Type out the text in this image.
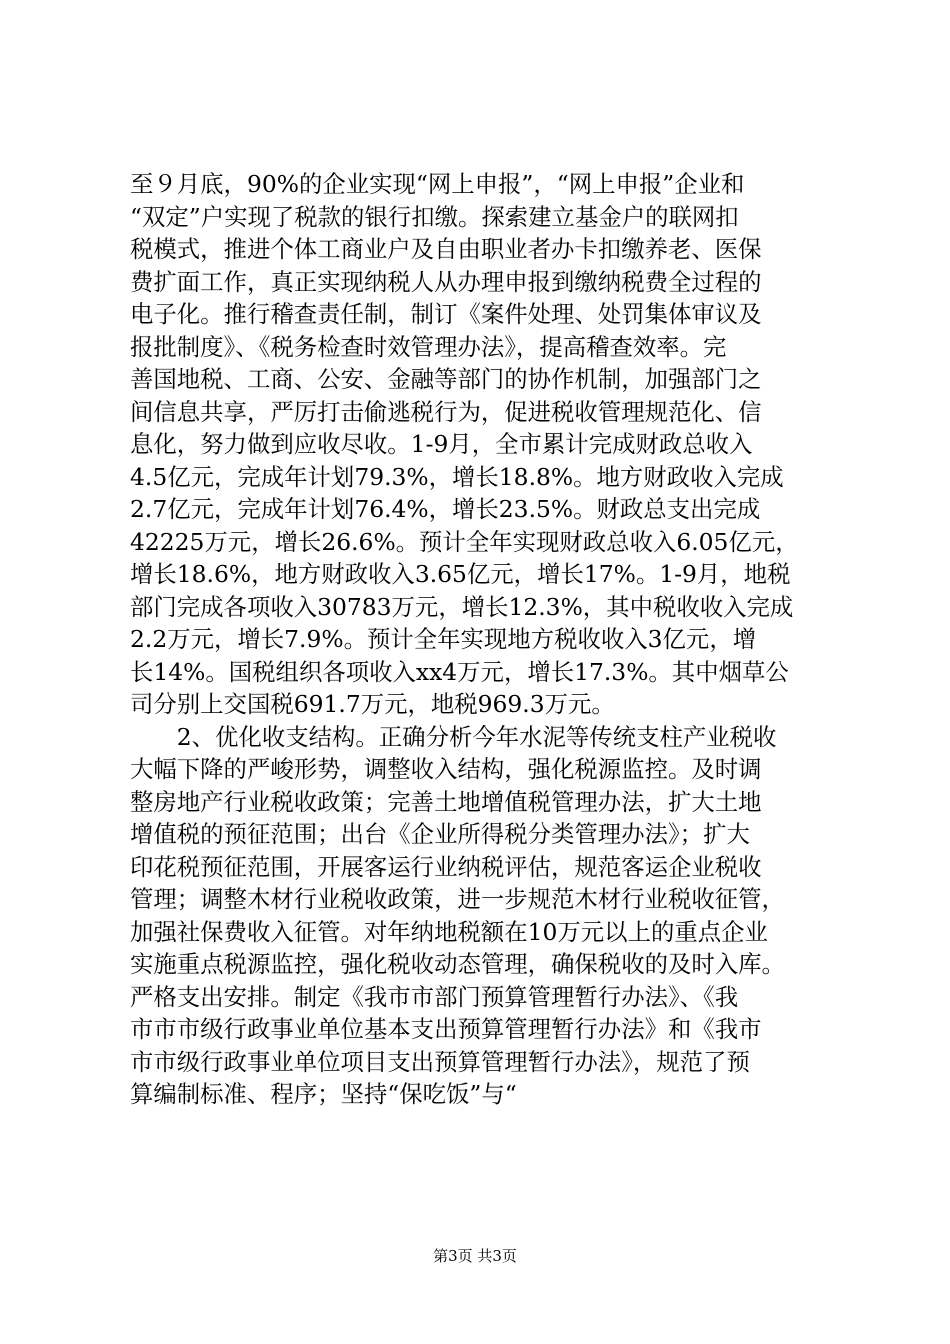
至９月底，90%的企业实现“网上申报”，“网上申报”企业和
“双定”户实现了税款的银行扣缴。探索建立基金户的联网扣
税模式，推进个体工商业户及自由职业者办卡扣缴养老、医保
费扩面工作，真正实现纳税人从办理申报到缴纳税费全过程的
电子化。推行稽查责任制，制订《案件处理、处罚集体审议及
报批制度》、《税务检查时效管理办法》，提高稽查效率。完
善国地税、工商、公安、金融等部门的协作机制，加强部门之
间信息共享，严厉打击偷逃税行为，促进税收管理规范化、信
息化，努力做到应收尽收。1-9月，全市累计完成财政总收入
4.5亿元，完成年计划79.3%，增长18.8%。地方财政收入完成
2.7亿元，完成年计划76.4%，增长23.5%。财政总支出完成
42225万元，增长26.6%。预计全年实现财政总收入6.05亿元，
增长18.6%，地方财政收入3.65亿元，增长17%。1-9月，地税
部门完成各项收入30783万元，增长12.3%，其中税收收入完成
2.2万元，增长7.9%。预计全年实现地方税收收入3亿元，增
长14%。国税组织各项收入xx4万元，增长17.3%。其中烟草公
司分别上交国税691.7万元，地税969.3万元。
　　2、优化收支结构。正确分析今年水泥等传统支柱产业税收
大幅下降的严峻形势，调整收入结构，强化税源监控。及时调
整房地产行业税收政策；完善土地增值税管理办法，扩大土地
增值税的预征范围；出台《企业所得税分类管理办法》；扩大
印花税预征范围，开展客运行业纳税评估，规范客运企业税收
管理；调整木材行业税收政策，进一步规范木材行业税收征管，
加强社保费收入征管。对年纳地税额在10万元以上的重点企业
实施重点税源监控，强化税收动态管理，确保税收的及时入库。
严格支出安排。制定《我市市部门预算管理暂行办法》、《我
市市市级行政事业单位基本支出预算管理暂行办法》和《我市
市市级行政事业单位项目支出预算管理暂行办法》，规范了预
算编制标准、程序；坚持“保吃饭”与“
第3页 共3页
